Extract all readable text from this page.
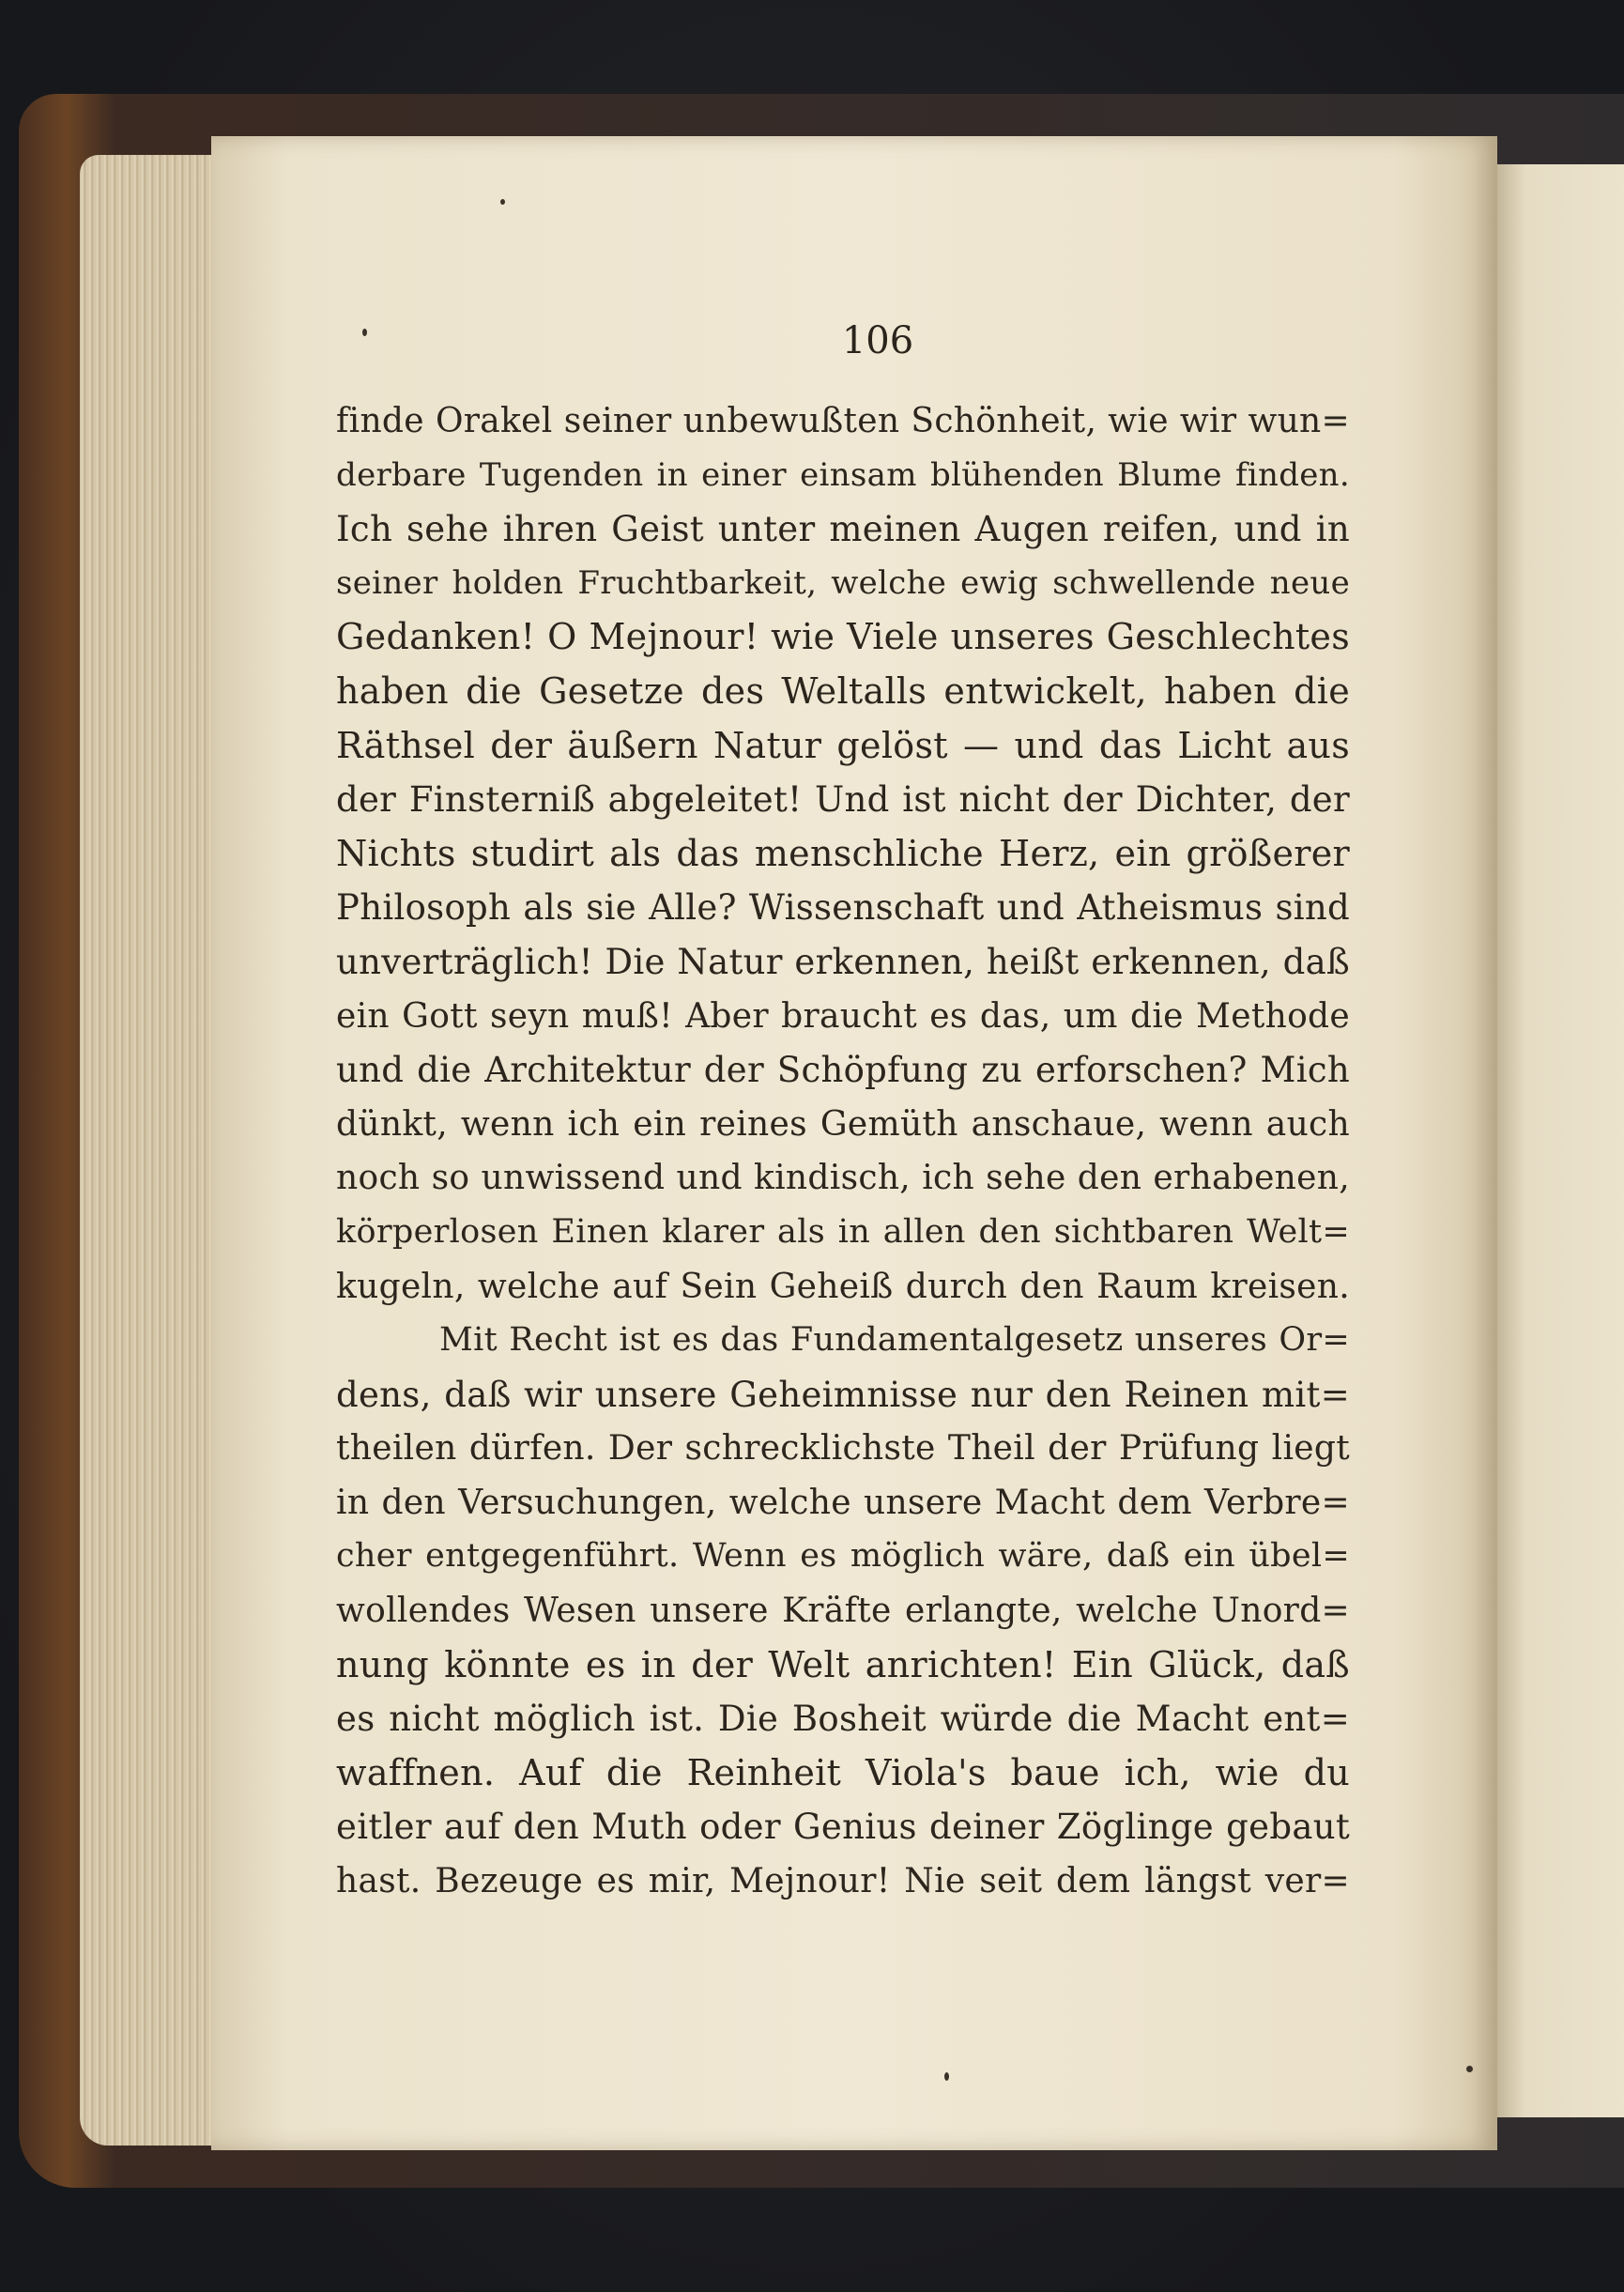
106
finde Orakel seiner unbewußten Schönheit, wie wir wun=
derbare Tugenden in einer einsam blühenden Blume finden.
Ich sehe ihren Geist unter meinen Augen reifen, und in
seiner holden Fruchtbarkeit, welche ewig schwellende neue
Gedanken! O Mejnour! wie Viele unseres Geschlechtes
haben die Gesetze des Weltalls entwickelt, haben die
Räthsel der äußern Natur gelöst — und das Licht aus
der Finsterniß abgeleitet! Und ist nicht der Dichter, der
Nichts studirt als das menschliche Herz, ein größerer
Philosoph als sie Alle? Wissenschaft und Atheismus sind
unverträglich! Die Natur erkennen, heißt erkennen, daß
ein Gott seyn muß! Aber braucht es das, um die Methode
und die Architektur der Schöpfung zu erforschen? Mich
dünkt, wenn ich ein reines Gemüth anschaue, wenn auch
noch so unwissend und kindisch, ich sehe den erhabenen,
körperlosen Einen klarer als in allen den sichtbaren Welt=
kugeln, welche auf Sein Geheiß durch den Raum kreisen.
Mit Recht ist es das Fundamentalgesetz unseres Or=
dens, daß wir unsere Geheimnisse nur den Reinen mit=
theilen dürfen. Der schrecklichste Theil der Prüfung liegt
in den Versuchungen, welche unsere Macht dem Verbre=
cher entgegenführt. Wenn es möglich wäre, daß ein übel=
wollendes Wesen unsere Kräfte erlangte, welche Unord=
nung könnte es in der Welt anrichten! Ein Glück, daß
es nicht möglich ist. Die Bosheit würde die Macht ent=
waffnen. Auf die Reinheit Viola's baue ich, wie du
eitler auf den Muth oder Genius deiner Zöglinge gebaut
hast. Bezeuge es mir, Mejnour! Nie seit dem längst ver=
